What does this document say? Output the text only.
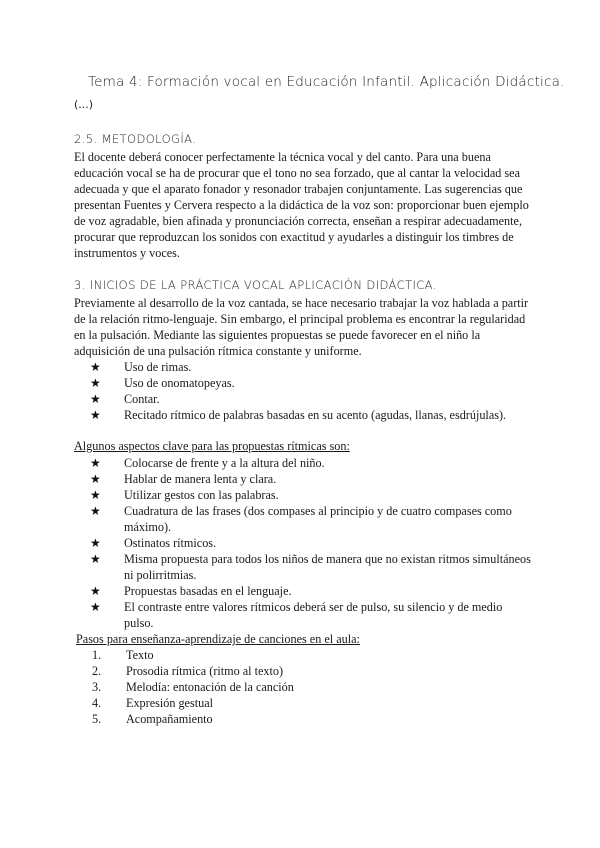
Tema 4: Formación vocal en Educación Infantil. Aplicación Didáctica.
(...)
2.5. METODOLOGÍA.

El docente deberá conocer perfectamente la técnica vocal y del canto. Para una buena educación vocal se ha de procurar que el tono no sea forzado, que al cantar la velocidad sea adecuada y que el aparato fonador y resonador trabajen conjuntamente. Las sugerencias que presentan Fuentes y Cervera respecto a la didáctica de la voz son: proporcionar buen ejemplo de voz agradable, bien afinada y pronunciación correcta, enseñan a respirar adecuadamente, procurar que reproduzcan los sonidos con exactitud y ayudarles a distinguir los timbres de instrumentos y voces.

3. INICIOS DE LA PRÁCTICA VOCAL APLICACIÓN DIDÁCTICA.

Previamente al desarrollo de la voz cantada, se hace necesario trabajar la voz hablada a partir de la relación ritmo-lenguaje. Sin embargo, el principal problema es encontrar la regularidad en la pulsación. Mediante las siguientes propuestas se puede favorecer en el niño la adquisición de una pulsación rítmica constante y uniforme.

★ Uso de rimas.
★ Uso de onomatopeyas.
★ Contar.
★ Recitado rítmico de palabras basadas en su acento (agudas, llanas, esdrújulas).
Algunos aspectos clave para las propuestas rítmicas son:
★ Colocarse de frente y a la altura del niño.
★ Hablar de manera lenta y clara.
★ Utilizar gestos con las palabras.
★ Cuadratura de las frases (dos compases al principio y de cuatro compases como máximo).
★ Ostinatos rítmicos.
★ Misma propuesta para todos los niños de manera que no existan ritmos simultáneos ni polirritmias.
★ Propuestas basadas en el lenguaje.
★ El contraste entre valores rítmicos deberá ser de pulso, su silencio y de medio pulso.
Pasos para enseñanza-aprendizaje de canciones en el aula:
1. Texto
2. Prosodia rítmica (ritmo al texto)
3. Melodía: entonación de la canción
4. Expresión gestual
5. Acompañamiento
